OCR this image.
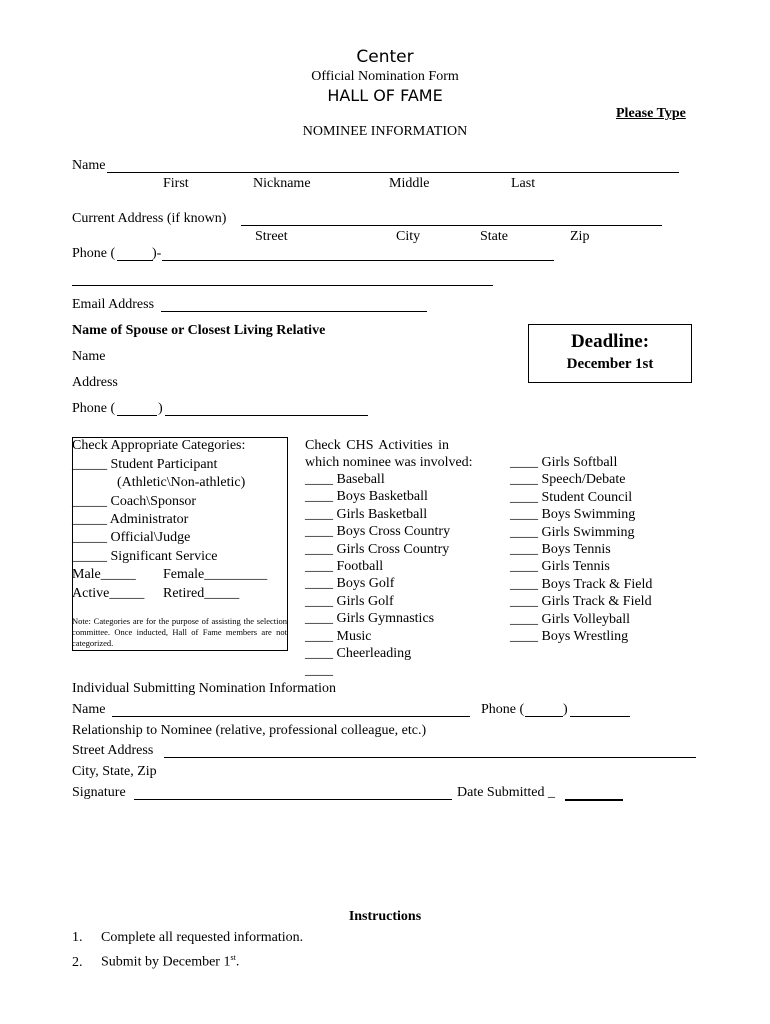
Center
Official Nomination Form
HALL OF FAME
Please Type
NOMINEE INFORMATION
Name
First	Nickname	Middle	Last
Current Address (if known)
Street	City	State	Zip
Phone (	)-
Email Address
Name of Spouse or Closest Living Relative
Name
Address
Phone (	)
Deadline:
December 1st
Check Appropriate Categories:
_____ Student Participant
(Athletic\Non-athletic)
_____ Coach\Sponsor
_____ Administrator
_____ Official\Judge
_____ Significant Service
Male_____ Female_________
Active_____ Retired_____
Note: Categories are for the purpose of assisting the selection committee. Once inducted, Hall of Fame members are not categorized.
Check CHS Activities in
which nominee was involved:
____ Baseball
____ Boys Basketball
____ Girls Basketball
____ Boys Cross Country
____ Girls Cross Country
____ Football
____ Boys Golf
____ Girls Golf
____ Girls Gymnastics
____ Music
____ Cheerleading
____
____ Girls Softball
____ Speech/Debate
____ Student Council
____ Boys Swimming
____ Girls Swimming
____ Boys Tennis
____ Girls Tennis
____ Boys Track & Field
____ Girls Track & Field
____ Girls Volleyball
____ Boys Wrestling
Individual Submitting Nomination Information
Name	Phone (	)
Relationship to Nominee (relative, professional colleague, etc.)
Street Address
City, State, Zip
Signature	Date Submitted _
Instructions
1. Complete all requested information.
2. Submit by December 1st.
